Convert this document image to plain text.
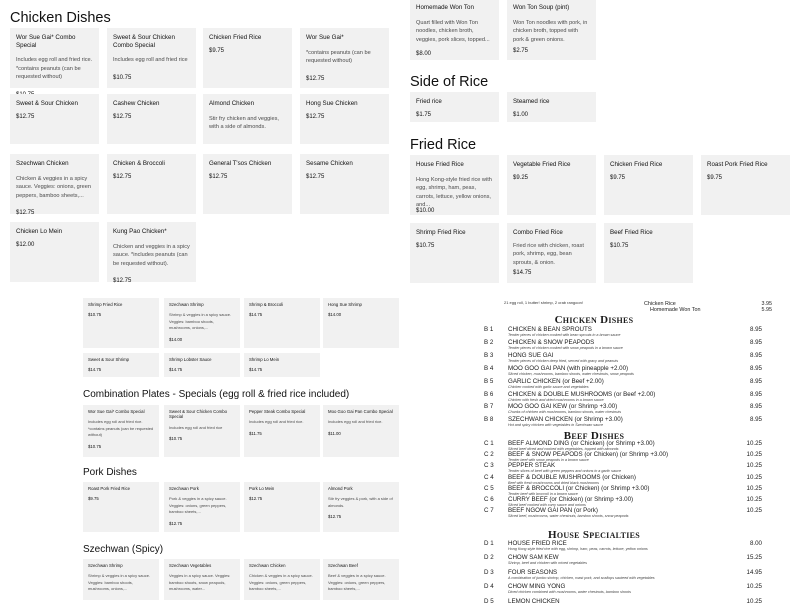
Chicken Dishes
Side of Rice
Fried Rice
Combination Plates - Specials (egg roll & fried rice included)
Pork Dishes
Szechwan (Spicy)
Wor Sue Gai* Combo Special
Includes egg roll and fried rice. *contains peanuts (can be requested without)
Sweet & Sour Chicken Combo Special
Includes egg roll and fried rice
$10.75
Chicken Fried Rice
$9.75
Wor Sue Gai*
*contains peanuts (can be requested without)
$12.75
Sweet & Sour Chicken
$12.75
Cashew Chicken
$12.75
Almond Chicken
Stir fry chicken and veggies, with a side of almonds.
Hong Sue Chicken
$12.75
Szechwan Chicken
Chicken & veggies in a spicy sauce. Veggies: onions, green peppers, bamboo sheets,...
$12.75
Chicken & Broccoli
$12.75
General T'sos Chicken
$12.75
Sesame Chicken
$12.75
Chicken Lo Mein
$12.00
Kung Pao Chicken*
Chicken and veggies in a spicy sauce. *includes peanuts (can be requested without).
$12.75
Homemade Won Ton
Quart filled with Won Ton noodles, chicken broth, veggies, pork slices, topped...
$8.00
Won Ton Soup (pint)
Won Ton noodles with pork, in chicken broth, topped with pork & green onions.
$2.75
Fried rice
$1.75
Steamed rice
$1.00
House Fried Rice
Hong Kong-style fried rice with egg, shrimp, ham, peas, carrots, lettuce, yellow onions, and...
$10.00
Vegetable Fried Rice
$9.25
Chicken Fried Rice
$9.75
Roast Pork Fried Rice
$9.75
Shrimp Fried Rice
$10.75
Combo Fried Rice
Fried rice with chicken, roast pork, shrimp, egg, bean sprouts, & onion.
$14.75
Beef Fried Rice
$10.75
Shrimp Fried Rice
$10.75
Szechwan Shrimp
Shrimp & veggies in a spicy sauce. Veggies: bamboo shoots, mushrooms, onions,...
$14.00
Shrimp & Broccoli
$14.75
Hong Sue Shrimp
$14.00
Sweet & Sour Shrimp
$14.75
Shrimp Lobster Sauce
$14.75
Shrimp Lo Mein
$14.75
Wor Sue Gai* Combo Special
Includes egg roll and fried rice. *contains peanuts (can be requested without)
$10.75
Sweet & Sour Chicken Combo Special
Includes egg roll and fried rice
$10.75
Pepper Steak Combo Special
Includes egg roll and fried rice.
$11.75
Moo Goo Gai Pan Combo Special
Includes egg roll and fried rice.
$11.00
Roast Pork Fried Rice
$9.75
Szechwan Pork
Pork & veggies in a spicy sauce. Veggies: onions, green peppers, bamboo sheets,...
$12.75
Pork Lo Mein
$12.75
Almond Pork
Stir fry veggies & pork, with a side of almonds.
$12.75
Szechwan Shrimp
Shrimp & veggies in a spicy sauce. Veggies: bamboo shoots, mushrooms, onions,...
Szechwan Vegetables
Veggies in a spicy sauce. Veggies: bamboo shoots, snow peapods, mushrooms, water...
Szechwan Chicken
Chicken & veggies in a spicy sauce. Veggies: onions, green peppers, bamboo sheets,...
Szechwan Beef
Beef & veggies in a spicy sauce. Veggies: onions, green peppers, bamboo sheets,...
21 egg roll, 1 butter! shrimp, 2 crab rangoon!	Chicken Rice	3.95
Homemade Won Ton	5.95
Chicken Dishes
B 1	CHICKEN & BEAN SPROUTS	8.95
Tender pieces of chicken cooked with bean sprouts in a brown sauce
B 2	CHICKEN & SNOW PEAPODS	8.95
Tender pieces of chicken cooked with snow peapods in a brown sauce
B 3	HONG SUE GAI	8.95
Tender pieces of chicken deep fried, served with gravy and peanuts
B 4	MOO GOO GAI PAN (with pineapple +2.00)	8.95
Sliced chicken, mushrooms, bamboo shoots, water chestnuts, snow peapods
B 5	GARLIC CHICKEN (or Beef +2.00)	8.95
Chicken cooked with garlic sauce and vegetables
B 6	CHICKEN & DOUBLE MUSHROOMS (or Beef +2.00)	8.95
Chicken with fresh and dried mushrooms in a brown sauce
B 7	MOO GOO GAI KEW (or Shrimp +3.00)	8.95
Chunks of chicken with mushrooms, bamboo shoots, water chestnuts
B 8	SZECHWAN CHICKEN (or Shrimp +3.00)	8.95
Hot and spicy chicken with vegetables in Szechwan sauce
Beef Dishes
C 1	BEEF ALMOND DING (or Chicken) (or Shrimp +3.00)	10.25
Sliced beef diced and cooked with vegetables, topped with almonds
C 2	BEEF & SNOW PEAPODS (or Chicken) (or Shrimp +3.00)	10.25
Tender beef with snow peapods in a brown sauce
C 3	PEPPER STEAK	10.25
Tender slices of beef with green peppers and onions in a garlic sauce
C 4	BEEF & DOUBLE MUSHROOMS (or Chicken)	10.25
Beef with fresh mushrooms and dried black mushrooms
C 5	BEEF & BROCCOLI (or Chicken) (or Shrimp +3.00)	10.25
Tender beef with broccoli in a brown sauce
C 6	CURRY BEEF (or Chicken) (or Shrimp +3.00)	10.25
Sliced beef cooked with curry sauce and onions
C 7	BEEF NGOW GAI PAN (or Pork)	10.25
Sliced beef, mushrooms, water chestnuts, bamboo shoots, snow peapods
House Specialties
D 1	HOUSE FRIED RICE	8.00
Hong Kong style fried rice with egg, shrimp, ham, peas, carrots, lettuce, yellow onions
D 2	CHOW SAM KEW	15.25
Shrimp, beef and chicken with mixed vegetables
D 3	FOUR SEASONS	14.95
A combination of jumbo shrimp, chicken, roast pork, and scallops sauteed with vegetables
D 4	CHOW MING YONG	10.25
Diced chicken combined with mushrooms, water chestnuts, bamboo shoots
D 5	LEMON CHICKEN	10.25
